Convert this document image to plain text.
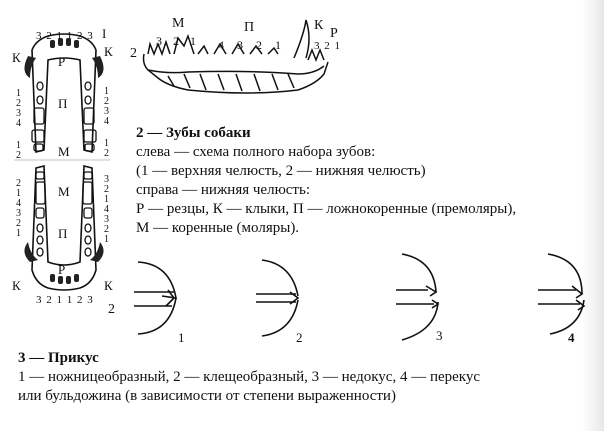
3 2 1 1 2 3 I
К	К
Р
П
М
М
П
Р
К	К
3 2 1 1 2 3
1
2
3
4
1
2
2
1
4
3
2
1
1
2
3
4
1
2
3
2
1
4
3
2
1
2
М	П	К
Р
3 2 1 4 3 2 1	3 2 1
2 — Зубы собаки
слева — схема полного набора зубов:
(1 — верхняя челюсть, 2 — нижняя челюсть)
справа — нижняя челюсть:
Р — резцы, К — клыки, П — ложнокоренные (премоляры),
М — коренные (моляры).
2
1	2	3	4
3 — Прикус
1 — ножницеобразный, 2 — клещеобразный, 3 — недокус, 4 — перекус
или бульдожина (в зависимости от степени выраженности)
